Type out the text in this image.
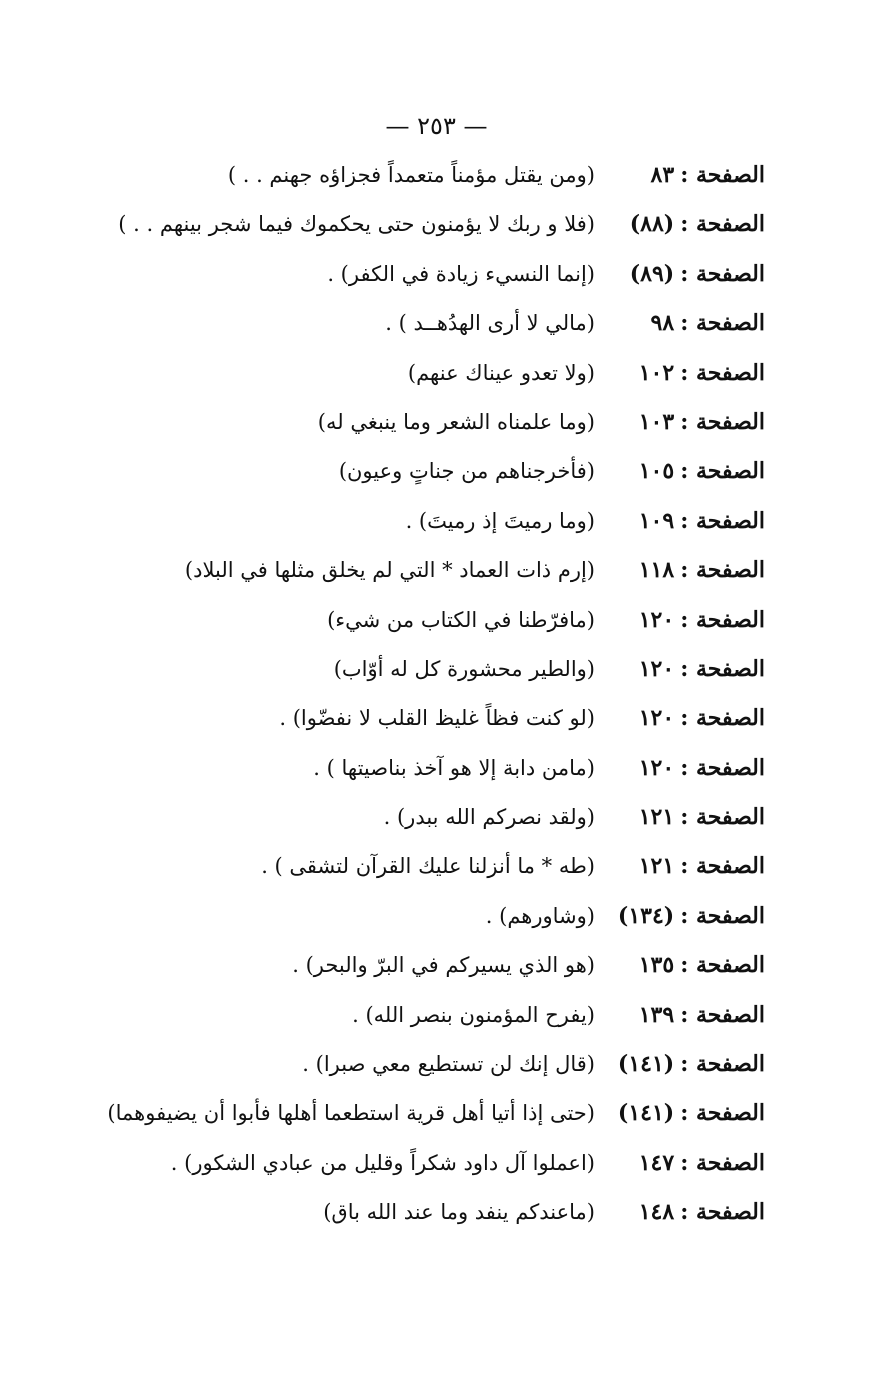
— ٢٥٣ —
الصفحة :٨٣
(ومن يقتل مؤمناً متعمداً فجزاؤه جهنم . . )
الصفحة :(٨٨)
(فلا و ربك لا يؤمنون حتى يحكموك فيما شجر بينهم . . )
الصفحة :(٨٩)
(إنما النسيء زيادة في الكفر) .
الصفحة :٩٨
(مالي لا أرى الهدُهــد ) .
الصفحة :١٠٢
(ولا تعدو عيناك عنهم)
الصفحة :١٠٣
(وما علمناه الشعر وما ينبغي له)
الصفحة :١٠٥
(فأخرجناهم من جناتٍ وعيون)
الصفحة :١٠٩
(وما رميتَ إذ رميتَ) .
الصفحة :١١٨
(إرم ذات العماد * التي لم يخلق مثلها في البلاد)
الصفحة :١٢٠
(مافرّطنا في الكتاب من شيء)
الصفحة :١٢٠
(والطير محشورة كل له أوّاب)
الصفحة :١٢٠
(لو كنت فظاً غليظ القلب لا نفضّوا) .
الصفحة :١٢٠
(مامن دابة إلا هو آخذ بناصيتها ) .
الصفحة :١٢١
(ولقد نصركم الله ببدر) .
الصفحة :١٢١
(طه * ما أنزلنا عليك القرآن لتشقى ) .
الصفحة :(١٣٤)
(وشاورهم) .
الصفحة :١٣٥
(هو الذي يسيركم في البرّ والبحر) .
الصفحة :١٣٩
(يفرح المؤمنون بنصر الله) .
الصفحة :(١٤١)
(قال إنك لن تستطيع معي صبرا) .
الصفحة :(١٤١)
(حتى إذا أتيا أهل قرية استطعما أهلها فأبوا أن يضيفوهما)
الصفحة :١٤٧
(اعملوا آل داود شكراً وقليل من عبادي الشكور) .
الصفحة :١٤٨
(ماعندكم ينفد وما عند الله باق)
